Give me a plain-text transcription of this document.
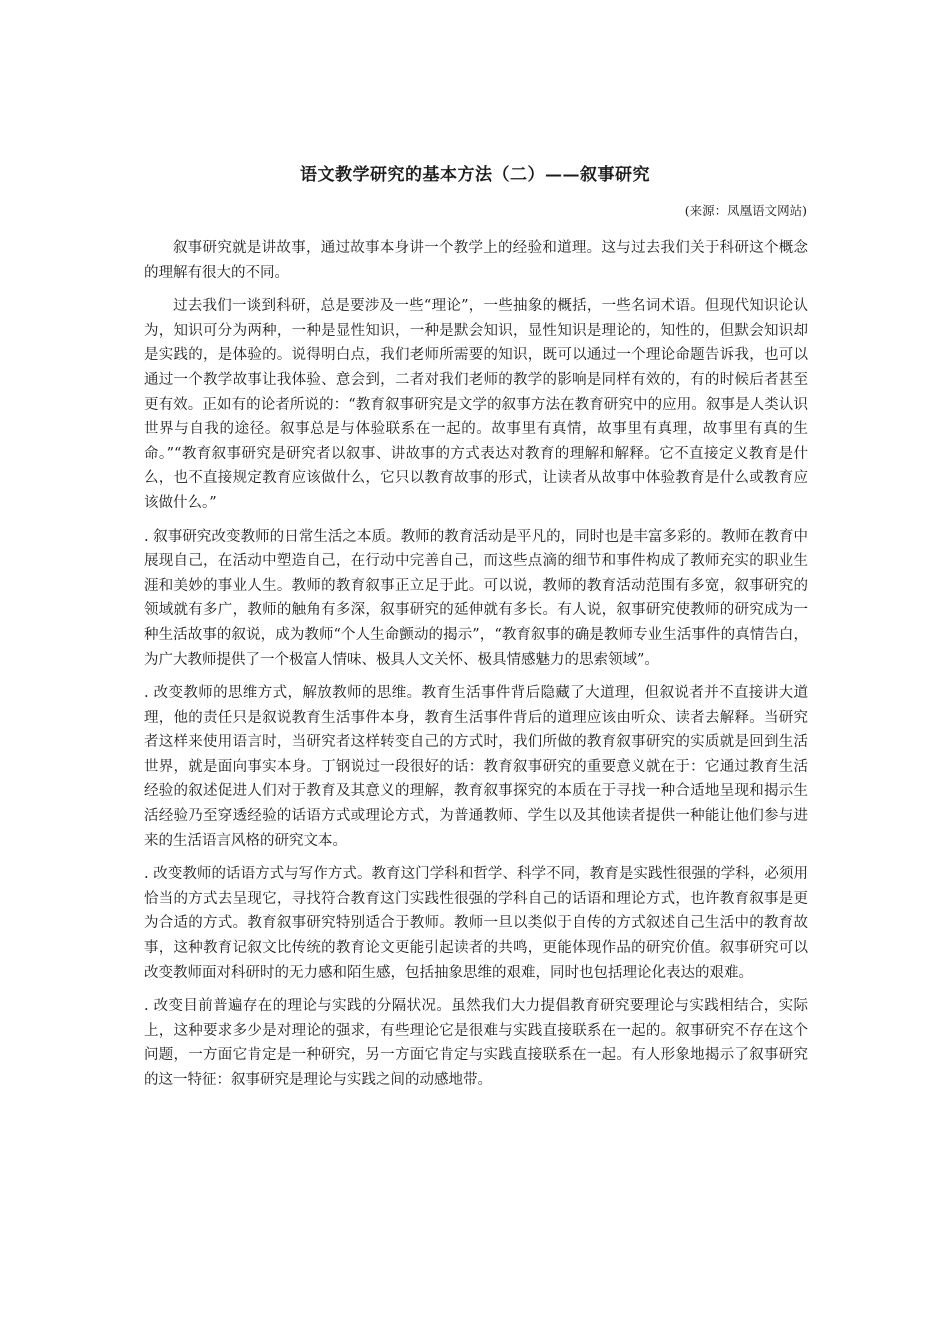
语文教学研究的基本方法（二）——叙事研究
(来源：凤凰语文网站)

叙事研究就是讲故事，通过故事本身讲一个教学上的经验和道理。这与过去我们关于科研这个概念的理解有很大的不同。

过去我们一谈到科研，总是要涉及一些“理论”，一些抽象的概括，一些名词术语。但现代知识论认为，知识可分为两种，一种是显性知识，一种是默会知识，显性知识是理论的，知性的，但默会知识却是实践的，是体验的。说得明白点，我们老师所需要的知识，既可以通过一个理论命题告诉我，也可以通过一个教学故事让我体验、意会到，二者对我们老师的教学的影响是同样有效的，有的时候后者甚至更有效。正如有的论者所说的：“教育叙事研究是文学的叙事方法在教育研究中的应用。叙事是人类认识世界与自我的途径。叙事总是与体验联系在一起的。故事里有真情，故事里有真理，故事里有真的生命。”“教育叙事研究是研究者以叙事、讲故事的方式表达对教育的理解和解释。它不直接定义教育是什么，也不直接规定教育应该做什么，它只以教育故事的形式，让读者从故事中体验教育是什么或教育应该做什么。”

. 叙事研究改变教师的日常生活之本质。教师的教育活动是平凡的，同时也是丰富多彩的。教师在教育中展现自己，在活动中塑造自己，在行动中完善自己，而这些点滴的细节和事件构成了教师充实的职业生涯和美妙的事业人生。教师的教育叙事正立足于此。可以说，教师的教育活动范围有多宽，叙事研究的领域就有多广，教师的触角有多深，叙事研究的延伸就有多长。有人说，叙事研究使教师的研究成为一种生活故事的叙说，成为教师“个人生命颤动的揭示”，“教育叙事的确是教师专业生活事件的真情告白，为广大教师提供了一个极富人情味、极具人文关怀、极具情感魅力的思索领域”。

. 改变教师的思维方式，解放教师的思维。教育生活事件背后隐藏了大道理，但叙说者并不直接讲大道理，他的责任只是叙说教育生活事件本身，教育生活事件背后的道理应该由听众、读者去解释。当研究者这样来使用语言时，当研究者这样转变自己的方式时，我们所做的教育叙事研究的实质就是回到生活世界，就是面向事实本身。丁钢说过一段很好的话：教育叙事研究的重要意义就在于：它通过教育生活经验的叙述促进人们对于教育及其意义的理解，教育叙事探究的本质在于寻找一种合适地呈现和揭示生活经验乃至穿透经验的话语方式或理论方式，为普通教师、学生以及其他读者提供一种能让他们参与进来的生活语言风格的研究文本。

. 改变教师的话语方式与写作方式。教育这门学科和哲学、科学不同，教育是实践性很强的学科，必须用恰当的方式去呈现它，寻找符合教育这门实践性很强的学科自己的话语和理论方式，也许教育叙事是更为合适的方式。教育叙事研究特别适合于教师。教师一旦以类似于自传的方式叙述自己生活中的教育故事，这种教育记叙文比传统的教育论文更能引起读者的共鸣，更能体现作品的研究价值。叙事研究可以改变教师面对科研时的无力感和陌生感，包括抽象思维的艰难，同时也包括理论化表达的艰难。

. 改变目前普遍存在的理论与实践的分隔状况。虽然我们大力提倡教育研究要理论与实践相结合，实际上，这种要求多少是对理论的强求，有些理论它是很难与实践直接联系在一起的。叙事研究不存在这个问题，一方面它肯定是一种研究，另一方面它肯定与实践直接联系在一起。有人形象地揭示了叙事研究的这一特征：叙事研究是理论与实践之间的动感地带。
